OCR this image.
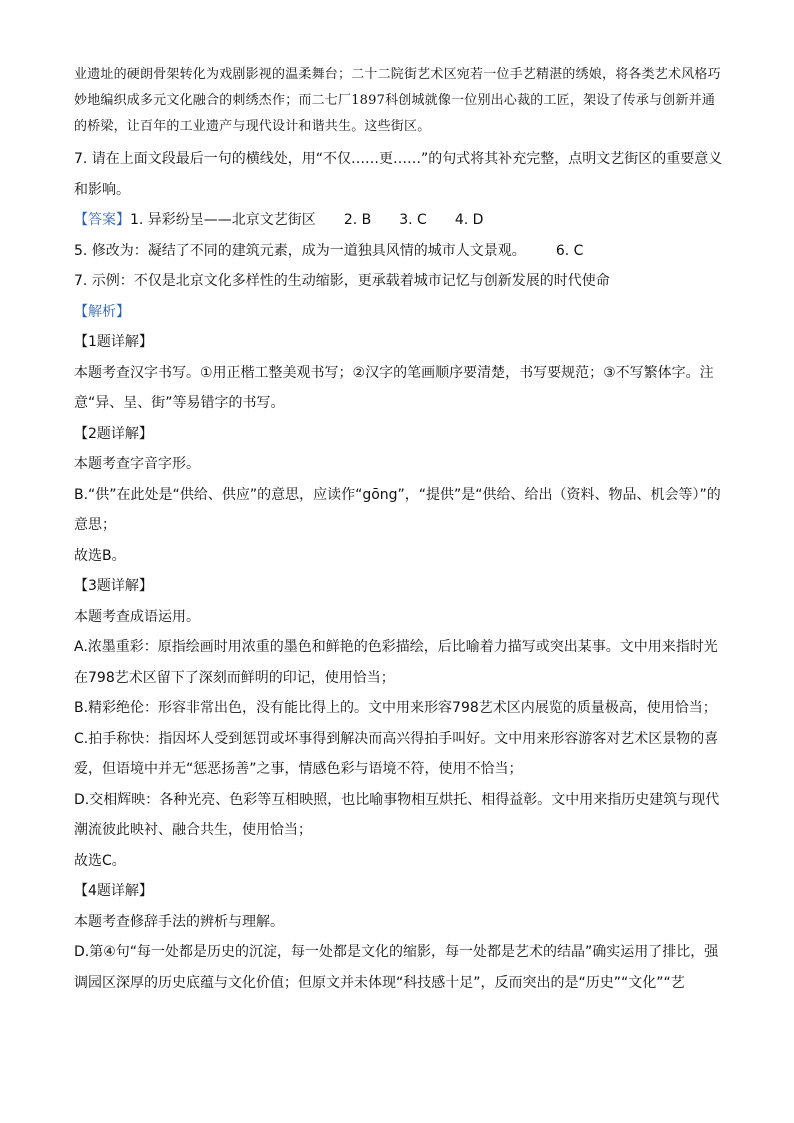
业遗址的硬朗骨架转化为戏剧影视的温柔舞台；二十二院街艺术区宛若一位手艺精湛的绣娘，将各类艺术风格巧妙地编织成多元文化融合的刺绣杰作；而二七厂1897科创城就像一位别出心裁的工匠，架设了传承与创新并通的桥梁，让百年的工业遗产与现代设计和谐共生。这些街区。

7. 请在上面文段最后一句的横线处，用“不仅……更……”的句式将其补充完整，点明文艺街区的重要意义和影响。

【答案】1. 异彩纷呈——北京文艺街区 2. B 3. C 4. D

5. 修改为：凝结了不同的建筑元素，成为一道独具风情的城市人文景观。 6. C

7. 示例：不仅是北京文化多样性的生动缩影，更承载着城市记忆与创新发展的时代使命

【解析】

【1题详解】

本题考查汉字书写。①用正楷工整美观书写；②汉字的笔画顺序要清楚，书写要规范；③不写繁体字。注意“异、呈、街”等易错字的书写。

【2题详解】

本题考查字音字形。

B.“供”在此处是“供给、供应”的意思，应读作“gōng”，“提供”是“供给、给出（资料、物品、机会等）”的意思；

故选B。

【3题详解】

本题考查成语运用。

A.浓墨重彩：原指绘画时用浓重的墨色和鲜艳的色彩描绘，后比喻着力描写或突出某事。文中用来指时光在798艺术区留下了深刻而鲜明的印记，使用恰当；

B.精彩绝伦：形容非常出色，没有能比得上的。文中用来形容798艺术区内展览的质量极高，使用恰当；

C.拍手称快：指因坏人受到惩罚或坏事得到解决而高兴得拍手叫好。文中用来形容游客对艺术区景物的喜爱，但语境中并无“惩恶扬善”之事，情感色彩与语境不符，使用不恰当；

D.交相辉映：各种光亮、色彩等互相映照，也比喻事物相互烘托、相得益彰。文中用来指历史建筑与现代潮流彼此映衬、融合共生，使用恰当；

故选C。

【4题详解】

本题考查修辞手法的辨析与理解。

D.第④句“每一处都是历史的沉淀，每一处都是文化的缩影，每一处都是艺术的结晶”确实运用了排比，强调园区深厚的历史底蕴与文化价值；但原文并未体现“科技感十足”，反而突出的是“历史”“文化”“艺
